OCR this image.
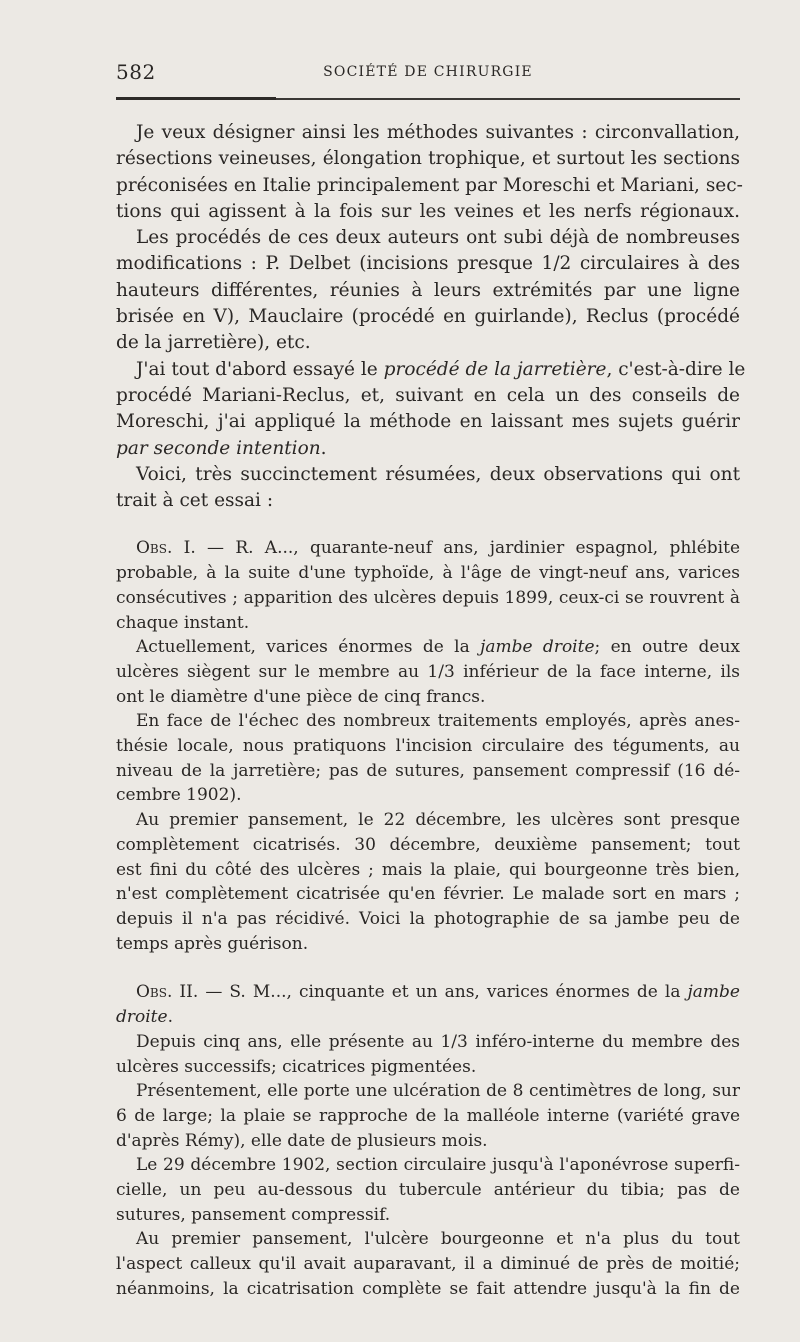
582	SOCIÉTÉ DE CHIRURGIE

Je veux désigner ainsi les méthodes suivantes : circonvallation,
résections veineuses, élongation trophique, et surtout les sections
préconisées en Italie principalement par Moreschi et Mariani, sec-
tions qui agissent à la fois sur les veines et les nerfs régionaux.

Les procédés de ces deux auteurs ont subi déjà de nombreuses
modifications : P. Delbet (incisions presque 1/2 circulaires à des
hauteurs différentes, réunies à leurs extrémités par une ligne
brisée en V), Mauclaire (procédé en guirlande), Reclus (procédé
de la jarretière), etc.

J'ai tout d'abord essayé le procédé de la jarretière, c'est-à-dire le
procédé Mariani-Reclus, et, suivant en cela un des conseils de
Moreschi, j'ai appliqué la méthode en laissant mes sujets guérir
par seconde intention.

Voici, très succinctement résumées, deux observations qui ont
trait à cet essai :

Obs. I. — R. A..., quarante-neuf ans, jardinier espagnol, phlébite
probable, à la suite d'une typhoïde, à l'âge de vingt-neuf ans, varices
consécutives ; apparition des ulcères depuis 1899, ceux-ci se rouvrent à
chaque instant.

Actuellement, varices énormes de la jambe droite; en outre deux
ulcères siègent sur le membre au 1/3 inférieur de la face interne, ils
ont le diamètre d'une pièce de cinq francs.

En face de l'échec des nombreux traitements employés, après anes-
thésie locale, nous pratiquons l'incision circulaire des téguments, au
niveau de la jarretière; pas de sutures, pansement compressif (16 dé-
cembre 1902).

Au premier pansement, le 22 décembre, les ulcères sont presque
complètement cicatrisés. 30 décembre, deuxième pansement; tout
est fini du côté des ulcères ; mais la plaie, qui bourgeonne très bien,
n'est complètement cicatrisée qu'en février. Le malade sort en mars ;
depuis il n'a pas récidivé. Voici la photographie de sa jambe peu de
temps après guérison.

Obs. II. — S. M..., cinquante et un ans, varices énormes de la jambe
droite.

Depuis cinq ans, elle présente au 1/3 inféro-interne du membre des
ulcères successifs; cicatrices pigmentées.

Présentement, elle porte une ulcération de 8 centimètres de long, sur
6 de large; la plaie se rapproche de la malléole interne (variété grave
d'après Rémy), elle date de plusieurs mois.

Le 29 décembre 1902, section circulaire jusqu'à l'aponévrose superfi-
cielle, un peu au-dessous du tubercule antérieur du tibia; pas de
sutures, pansement compressif.

Au premier pansement, l'ulcère bourgeonne et n'a plus du tout
l'aspect calleux qu'il avait auparavant, il a diminué de près de moitié;
néanmoins, la cicatrisation complète se fait attendre jusqu'à la fin de
